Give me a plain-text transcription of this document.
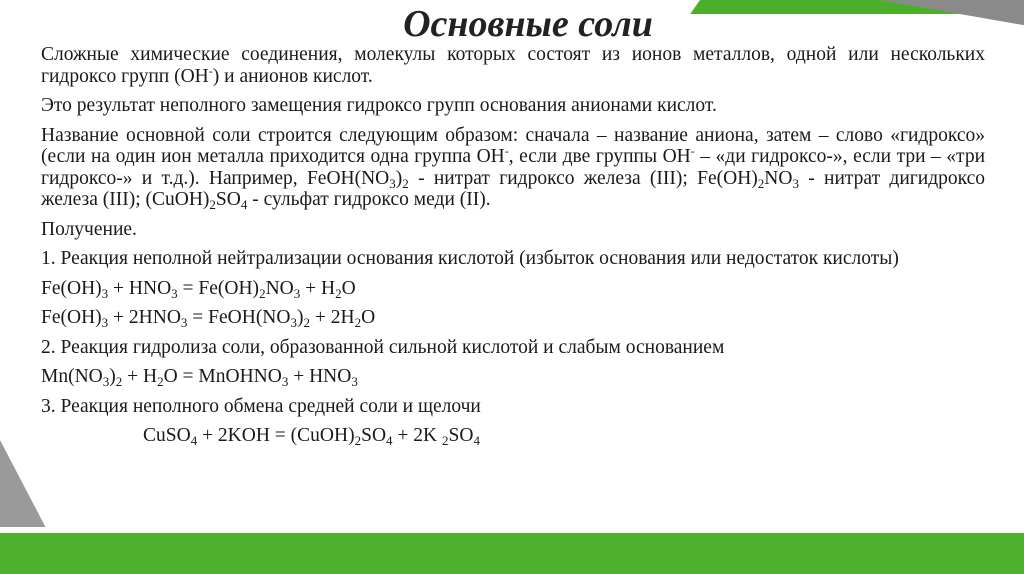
Основные соли

Сложные химические соединения, молекулы которых состоят из ионов металлов, одной или нескольких гидроксо групп (OH-) и анионов кислот.

Это результат неполного замещения гидроксо групп основания анионами кислот.

Название основной соли строится следующим образом: сначала – название аниона, затем – слово «гидроксо» (если на один ион металла приходится одна группа OH-, если две группы OH- – «ди гидроксо-», если три – «три гидроксо-» и т.д.). Например, $FeOH(NO_3)_2$ - нитрат гидроксо железа (III); $Fe(OH)_2NO_3$ - нитрат дигидроксо железа (III); $(CuOH)_2SO_4$ - сульфат гидроксо меди (II).

Получение.

1. Реакция неполной нейтрализации основания кислотой (избыток основания или недостаток кислоты)

$Fe(OH)_3 + HNO_3 = Fe(OH)_2NO_3 + H_2O$
$Fe(OH)_3 + 2HNO_3$ = $FeOH(NO_3)_2 + 2H_2O$

2. Реакция гидролиза соли, образованной сильной кислотой и слабым основанием

$Mn(NO_3)_2 + H_2O$ = MnOHNO$_3$ + $HNO_3$

3. Реакция неполного обмена средней соли и щелочи

CuSO$_4$ + $2KOH = (CuOH)_2SO_4 + 2K$ $_2SO_4$
